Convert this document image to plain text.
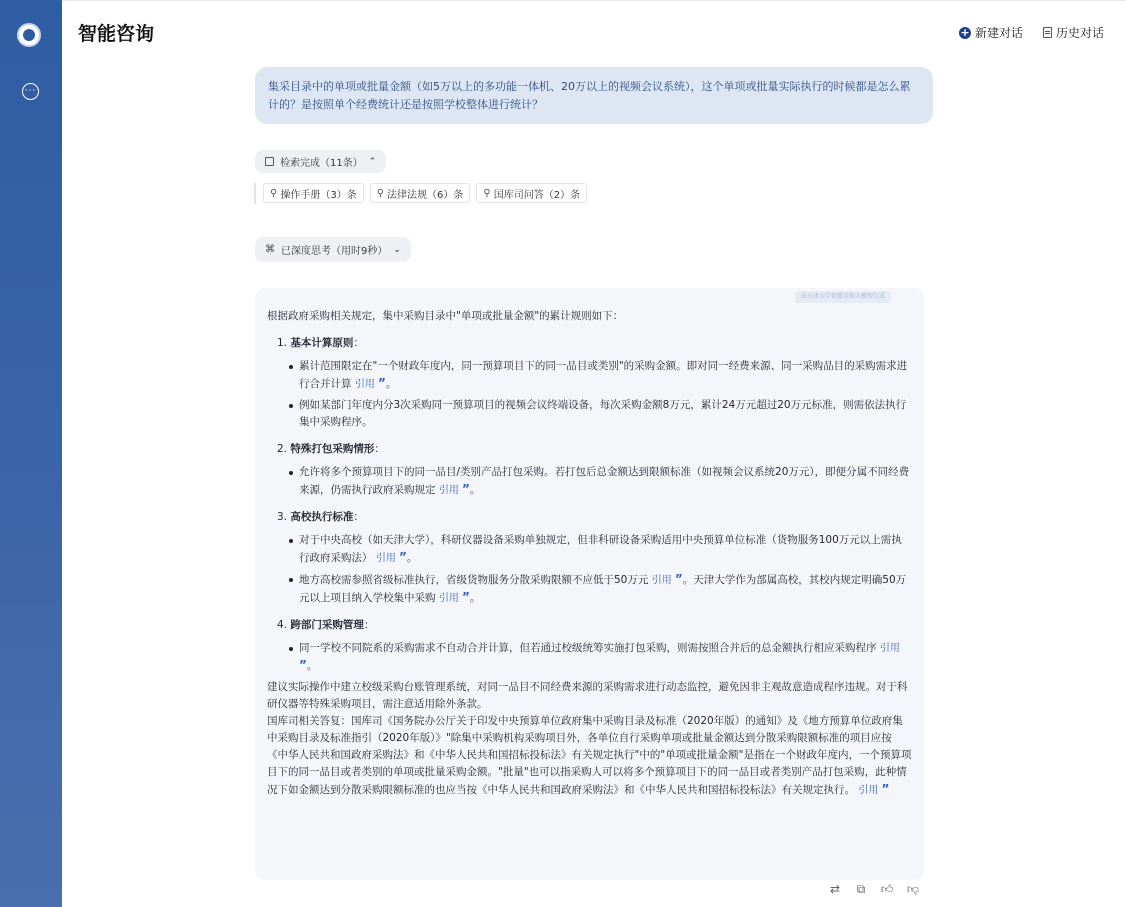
···
智能咨询	+ 新建对话	历史对话
集采目录中的单项或批量金额（如5万以上的多功能一体机、20万以上的视频会议系统），这个单项或批量实际执行的时候都是怎么累计的？是按照单个经费统计还是按照学校整体进行统计？
检索完成（11条） ⌃
⚲ 操作手册（3）条 ⚲ 法律法规（6）条 ⚲ 国库司问答（2）条
⌘ 已深度思考（用时9秒） ⌄

根据政府采购相关规定，集中采购目录中"单项或批量金额"的累计规则如下：

1. 基本计算原则：
累计范围限定在"一个财政年度内，同一预算项目下的同一品目或类别"的采购金额。即对同一经费来源、同一采购品目的采购需求进行合并计算 引用 ”。
例如某部门年度内分3次采购同一预算项目的视频会议终端设备，每次采购金额8万元，累计24万元超过20万元标准，则需依法执行集中采购程序。
2. 特殊打包采购情形：
允许将多个预算项目下的同一品目/类别产品打包采购。若打包后总金额达到限额标准（如视频会议系统20万元），即便分属不同经费来源，仍需执行政府采购规定 引用 ”。
3. 高校执行标准：
对于中央高校（如天津大学），科研仪器设备采购单独规定，但非科研设备采购适用中央预算单位标准（货物服务100万元以上需执行政府采购法） 引用 ”。
地方高校需参照省级标准执行，省级货物服务分散采购限额不应低于50万元 引用 ”。天津大学作为部属高校，其校内规定明确50万元以上项目纳入学校集中采购 引用 ”。
4. 跨部门采购管理：
同一学校不同院系的采购需求不自动合并计算，但若通过校级统筹实施打包采购，则需按照合并后的总金额执行相应采购程序 引用 ”。

建议实际操作中建立校级采购台账管理系统，对同一品目不同经费来源的采购需求进行动态监控，避免因非主观故意造成程序违规。对于科研仪器等特殊采购项目，需注意适用除外条款。

国库司相关答复：国库司《国务院办公厅关于印发中央预算单位政府集中采购目录及标准（2020年版）的通知》及《地方预算单位政府集中采购目录及标准指引（2020年版）》"除集中采购机构采购项目外，各单位自行采购单项或批量金额达到分散采购限额标准的项目应按《中华人民共和国政府采购法》和《中华人民共和国招标投标法》有关规定执行"中的"单项或批量金额"是指在一个财政年度内，一个预算项目下的同一品目或者类别的单项或批量采购金额。"批量"也可以指采购人可以将多个预算项目下的同一品目或者类别产品打包采购，此种情况下如金额达到分散采购限额标准的也应当按《中华人民共和国政府采购法》和《中华人民共和国招标投标法》有关规定执行。 引用 ”

由天津大学智慧采购大模型生成
⇄ ⧉ 👍︎ 👎︎
